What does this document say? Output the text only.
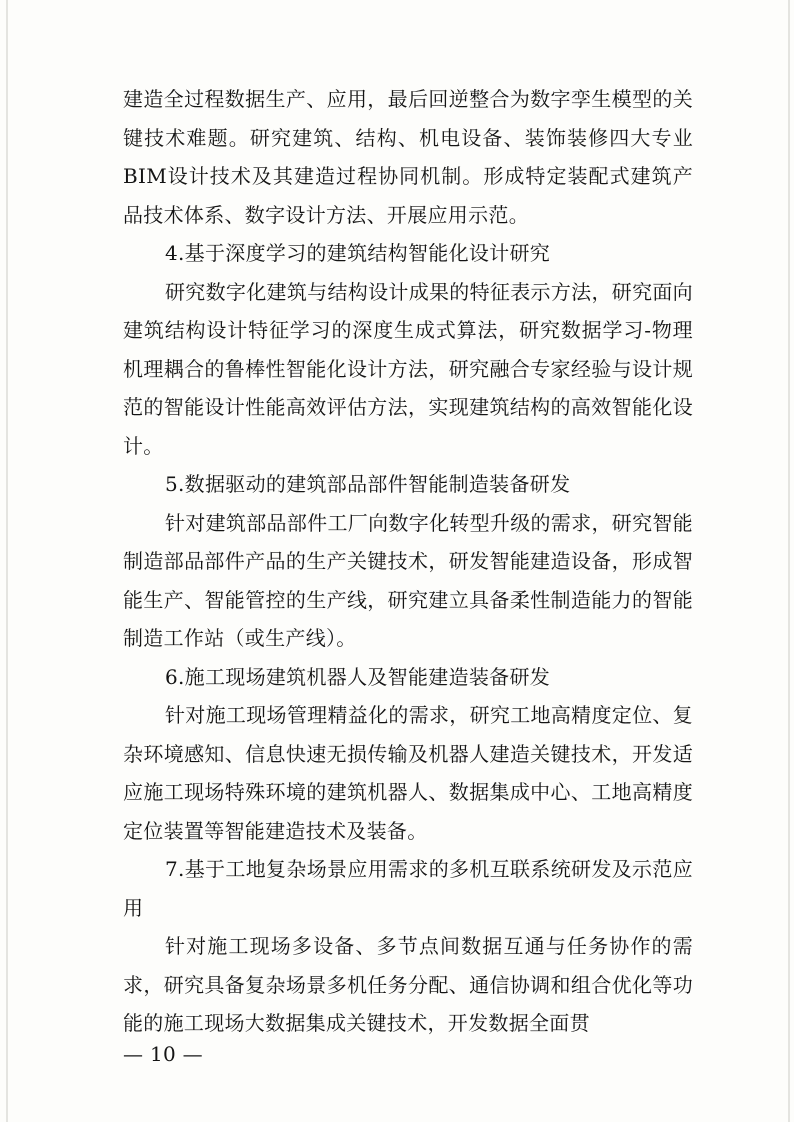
建造全过程数据生产、应用，最后回逆整合为数字孪生模型的关键技术难题。研究建筑、结构、机电设备、装饰装修四大专业BIM设计技术及其建造过程协同机制。形成特定装配式建筑产品技术体系、数字设计方法、开展应用示范。

4.基于深度学习的建筑结构智能化设计研究

研究数字化建筑与结构设计成果的特征表示方法，研究面向建筑结构设计特征学习的深度生成式算法，研究数据学习-物理机理耦合的鲁棒性智能化设计方法，研究融合专家经验与设计规范的智能设计性能高效评估方法，实现建筑结构的高效智能化设计。

5.数据驱动的建筑部品部件智能制造装备研发

针对建筑部品部件工厂向数字化转型升级的需求，研究智能制造部品部件产品的生产关键技术，研发智能建造设备，形成智能生产、智能管控的生产线，研究建立具备柔性制造能力的智能制造工作站（或生产线）。

6.施工现场建筑机器人及智能建造装备研发

针对施工现场管理精益化的需求，研究工地高精度定位、复杂环境感知、信息快速无损传输及机器人建造关键技术，开发适应施工现场特殊环境的建筑机器人、数据集成中心、工地高精度定位装置等智能建造技术及装备。

7.基于工地复杂场景应用需求的多机互联系统研发及示范应用

针对施工现场多设备、多节点间数据互通与任务协作的需求，研究具备复杂场景多机任务分配、通信协调和组合优化等功能的施工现场大数据集成关键技术，开发数据全面贯

— 10 —
